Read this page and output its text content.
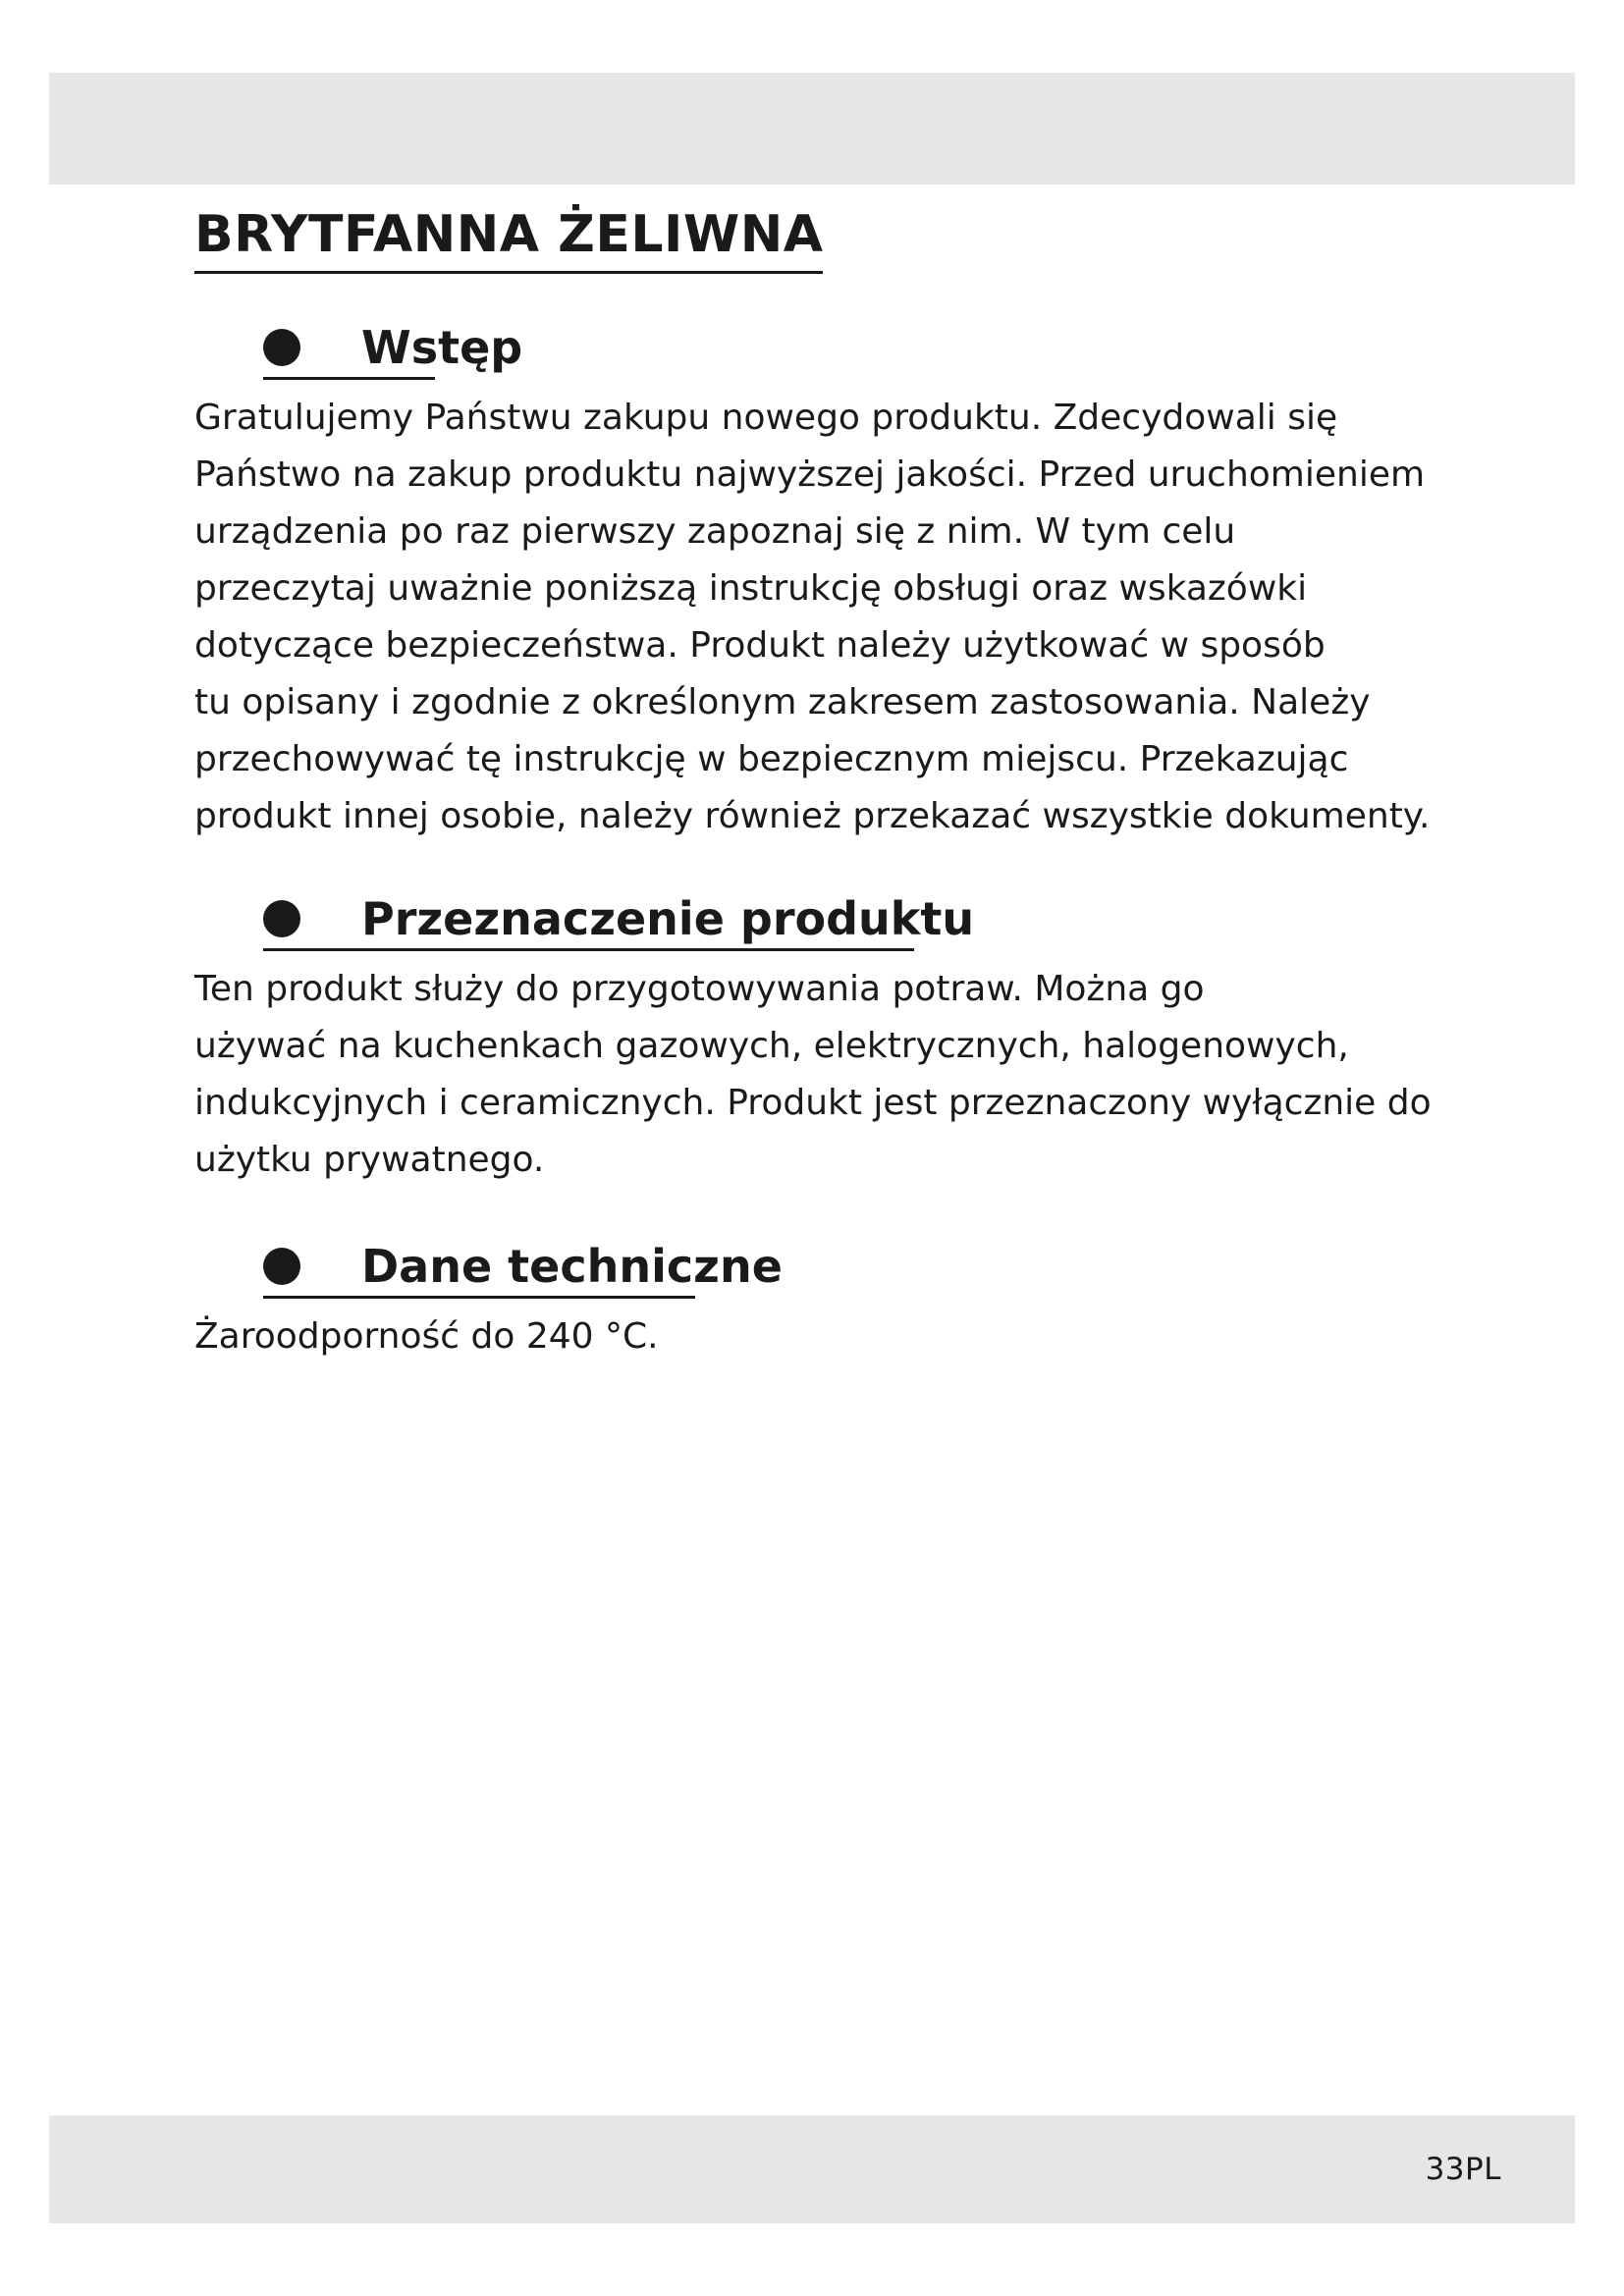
BRYTFANNA ŻELIWNA
Wstęp

Gratulujemy Państwu zakupu nowego produktu. Zdecydowali się
Państwo na zakup produktu najwyższej jakości. Przed uruchomieniem
urządzenia po raz pierwszy zapoznaj się z nim. W tym celu
przeczytaj uważnie poniższą instrukcję obsługi oraz wskazówki
dotyczące bezpieczeństwa. Produkt należy użytkować w sposób
tu opisany i zgodnie z określonym zakresem zastosowania. Należy
przechowywać tę instrukcję w bezpiecznym miejscu. Przekazując
produkt innej osobie, należy również przekazać wszystkie dokumenty.

Przeznaczenie produktu

Ten produkt służy do przygotowywania potraw. Można go
używać na kuchenkach gazowych, elektrycznych, halogenowych,
indukcyjnych i ceramicznych. Produkt jest przeznaczony wyłącznie do
użytku prywatnego.

Dane techniczne

Żaroodporność do 240 °C.

33PL
